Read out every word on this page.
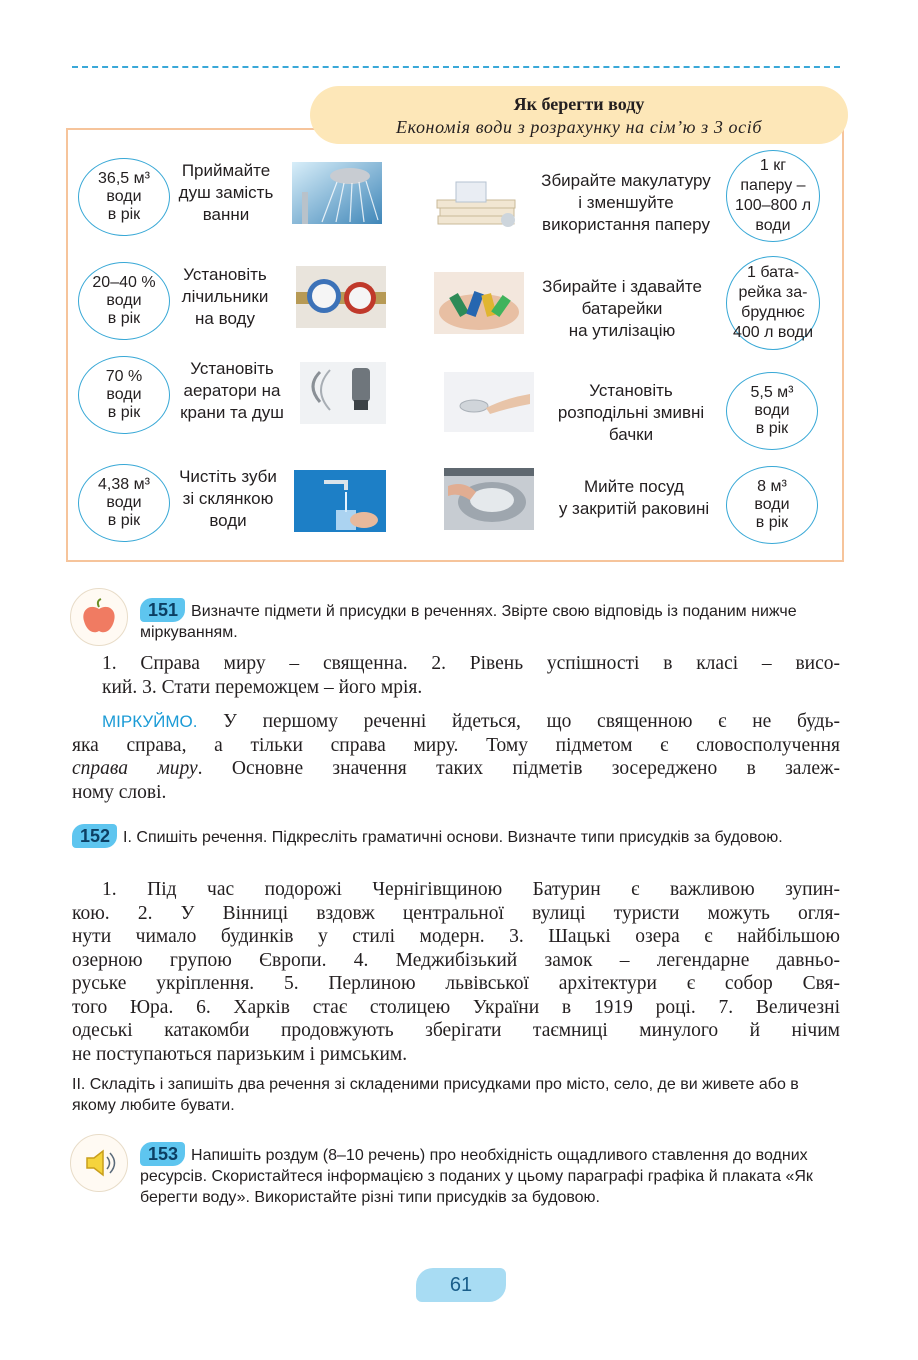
Як берегти воду
Економія води з розрахунку на сім’ю з 3 осіб
36,5 м³
води
в рік
Приймайте
душ замість
ванни
20–40 %
води
в рік
Установіть
лічильники
на воду
70 %
води
в рік
Установіть
аератори на
крани та душ
4,38 м³
води
в рік
Чистіть зуби
зі склянкою
води
Збирайте макулатуру
і зменшуйте
використання паперу
1 кг
паперу –
100–800 л
води
Збирайте і здавайте
батарейки
на утилізацію
1 бата-
рейка за-
бруднює
400 л води
Установіть
розподільні змивні
бачки
5,5 м³
води
в рік
Мийте посуд
у закритій раковині
8 м³
води
в рік
151 Визначте підмети й присудки в реченнях. Звірте свою відповідь із поданим нижче міркуванням.
1. Справа миру – священна. 2. Рівень успішності в класі – висо-
кий. 3. Стати переможцем – його мрія.
МІРКУЙМО. У першому реченні йдеться, що священною є не будь-
яка справа, а тільки справа миру. Тому підметом є словосполучення
справа миру. Основне значення таких підметів зосереджено в залеж-
ному слові.
152 I. Спишіть речення. Підкресліть граматичні основи. Визначте типи присудків за будовою.
1. Під час подорожі Чернігівщиною Батурин є важливою зупин-
кою. 2. У Вінниці вздовж центральної вулиці туристи можуть огля-
нути чимало будинків у стилі модерн. 3. Шацькі озера є найбільшою
озерною групою Європи. 4. Меджибізький замок – легендарне давньо-
руське укріплення. 5. Перлиною львівської архітектури є собор Свя-
того Юра. 6. Харків стає столицею України в 1919 році. 7. Величезні
одеські катакомби продовжують зберігати таємниці минулого й нічим
не поступаються паризьким і римським.
II. Складіть і запишіть два речення зі складеними присудками про місто, село, де ви живете або в якому любите бувати.
153 Напишіть роздум (8–10 речень) про необхідність ощадливого ставлення до водних ресурсів. Скористайтеся інформацією з поданих у цьому параграфі графіка й плаката «Як берегти воду». Використайте різні типи присудків за будовою.
61
